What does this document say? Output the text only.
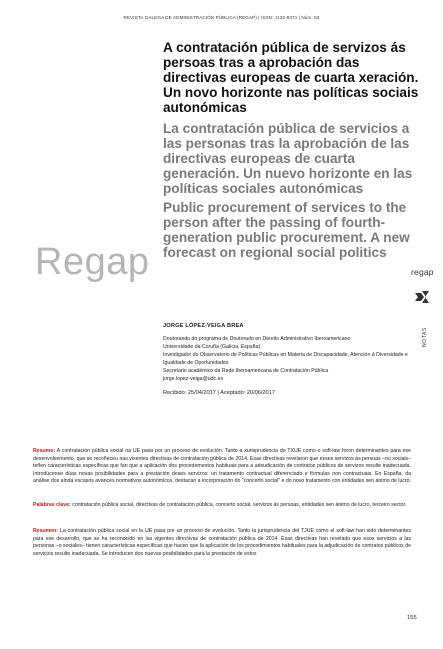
REVISTA GALEGA DE ADMINISTRACIÓN PÚBLICA (REGAP) | ISSN: 1132-8371 | Núm. 53
A contratación pública de servizos ás persoas tras a aprobación das directivas europeas de cuarta xeración. Un novo horizonte nas políticas sociais autonómicas
La contratación pública de servicios a las personas tras la aprobación de las directivas europeas de cuarta generación. Un nuevo horizonte en las políticas sociales autonómicas
Public procurement of services to the person after the passing of fourth-generation public procurement. A new forecast on regional social politics
Regap	regap
NOTAS

JORGE LÓPEZ-VEIGA BREA

Doutorando do programa de Doutorado en Dereito Administrativo Iberoamericano

Universidade da Coruña (Galicia, España)

Investigador do Observatorio de Políticas Públicas en Materia de Discapacidade, Atención á Diversidade e Igualdade de Oportunidades

Secretario académico da Rede Iberoamericana de Contratación Pública

jorge.lopez-veiga@udc.es

Recibido: 25/04/2017 | Aceptado: 20/06/2017

Resumo: A contratación pública social na UE pasa por un proceso de evolución. Tanto a xurisprudencia do TXUE como o soft-law foron determinantes para ese desenvolvemento, que se recoñeceu nas vixentes directivas de contratación pública de 2014. Esas directivas revelaron que esses servizos ás persoas –ou sociais– teñen características específicas que fan que a aplicación dos procedementos habituais para a adxudicación de contratos públicos de servizos resulte inadecuada. Introdúcense dúas novas posibilidades para a prestación deses servizos: un tratamento contractual diferenciado e fórmulas non contractuais. En España, da análise dos ainda escasos avances normativos autonómicos, destacan a incorporación do "concerto social" e do novo tratamento con entidades sen ánimo de lucro.

Palabras clave: contratación pública social, directivas de contratación pública, concerto social, servizos ás persoas, entidades sen ánimo de lucro, terceiro sector.

Resumen: La contratación pública social en la UE pasa por un proceso de evolución. Tanto la jurisprudencia del TJUE como el soft-law han sido determinantes para ese desarrollo, que se ha reconocido en las vigentes directivas de contratación pública de 2014. Esas directivas han revelado que esos servicios a las personas –o sociales– tienen características específicas que hacen que la aplicación de los procedimientos habituales para la adjudicación de contratos públicos de servicios resulte inadecuada. Se introducen dos nuevas posibilidades para la prestación de estos

155
